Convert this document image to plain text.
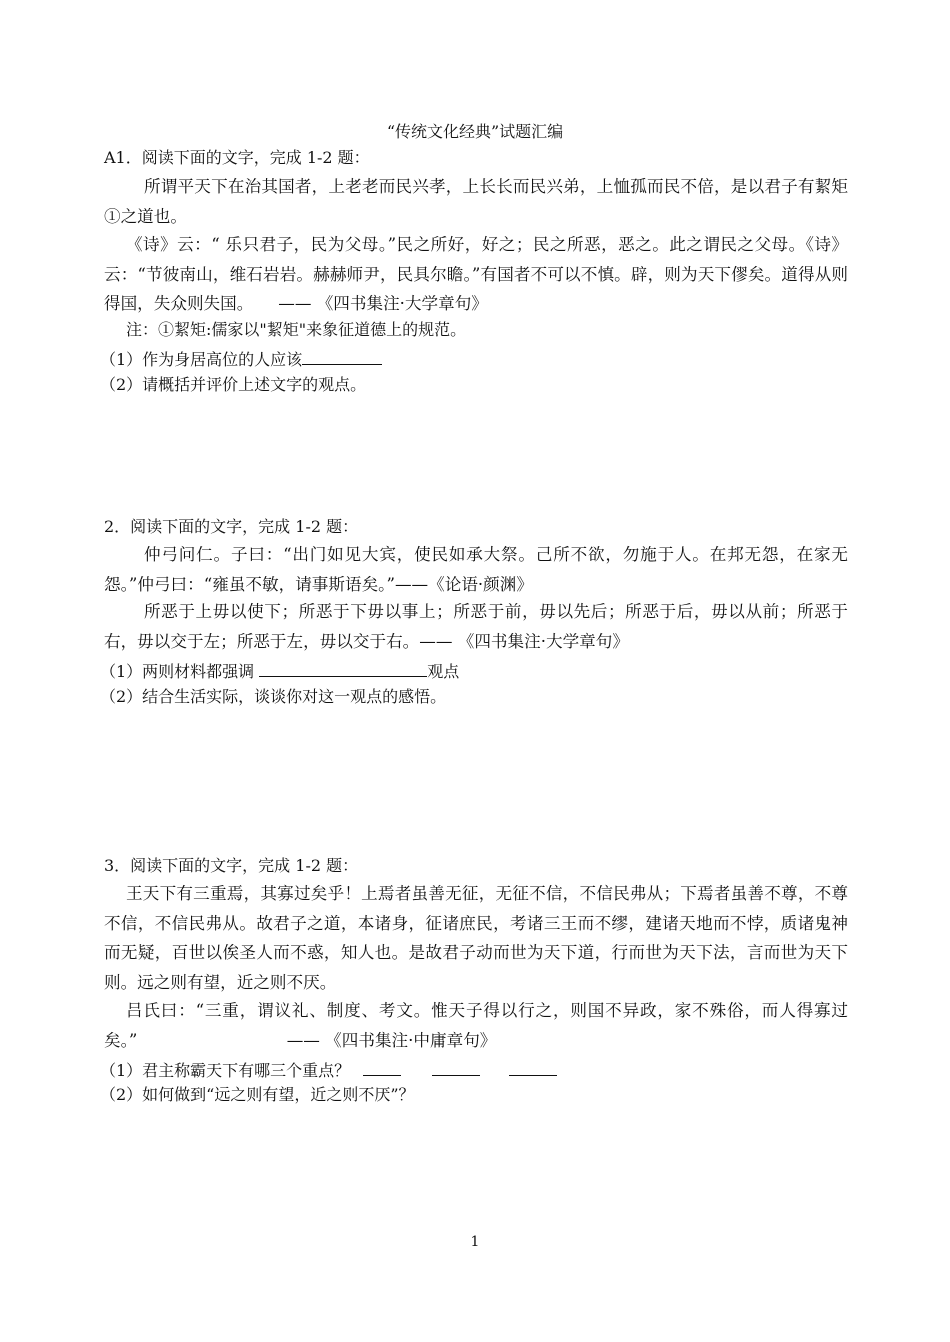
“传统文化经典”试题汇编
A1．阅读下面的文字，完成 1-2 题：
所谓平天下在治其国者，上老老而民兴孝，上长长而民兴弟，上恤孤而民不倍，是以君子有絜矩①之道也。
《诗》云：“ 乐只君子，民为父母。”民之所好，好之；民之所恶，恶之。此之谓民之父母。《诗》云：“节彼南山，维石岩岩。赫赫师尹，民具尔瞻。”有国者不可以不慎。辟，则为天下僇矣。道得从则得国，失众则失国。　　—— 《四书集注·大学章句》
注：①絜矩:儒家以"絜矩"来象征道德上的规范。
（1）作为身居高位的人应该
（2）请概括并评价上述文字的观点。
2．阅读下面的文字，完成 1-2 题：
仲弓问仁。子曰：“出门如见大宾，使民如承大祭。己所不欲，勿施于人。在邦无怨，在家无怨。”仲弓曰：“雍虽不敏，请事斯语矣。”——《论语·颜渊》
所恶于上毋以使下；所恶于下毋以事上；所恶于前，毋以先后；所恶于后，毋以从前；所恶于右，毋以交于左；所恶于左，毋以交于右。—— 《四书集注·大学章句》
（1）两则材料都强调	观点
（2）结合生活实际，谈谈你对这一观点的感悟。
3．阅读下面的文字，完成 1-2 题：
王天下有三重焉，其寡过矣乎！上焉者虽善无征，无征不信，不信民弗从；下焉者虽善不尊，不尊不信，不信民弗从。故君子之道，本诸身，征诸庶民，考诸三王而不缪，建诸天地而不悖，质诸鬼神而无疑，百世以俟圣人而不惑，知人也。是故君子动而世为天下道，行而世为天下法，言而世为天下则。远之则有望，近之则不厌。
吕氏曰：“三重，谓议礼、制度、考文。惟天子得以行之，则国不异政，家不殊俗，而人得寡过矣。”　　　　　　　　　—— 《四书集注·中庸章句》
（1）君主称霸天下有哪三个重点？
（2）如何做到“远之则有望，近之则不厌”？
1
